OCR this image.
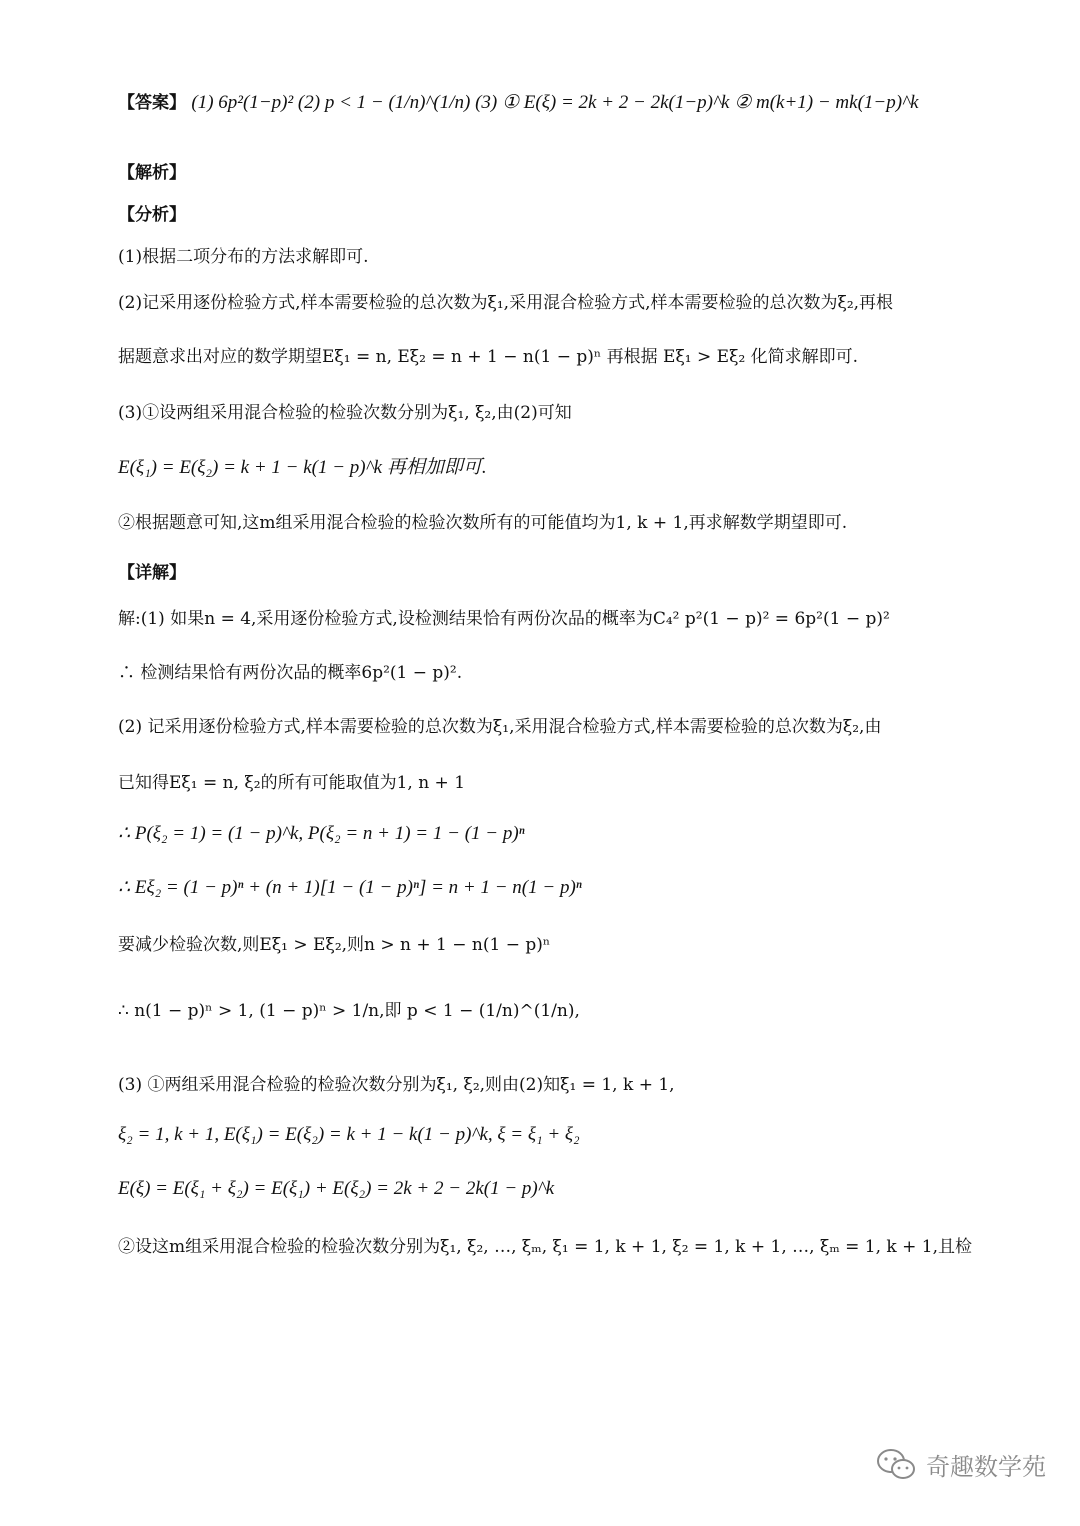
【答案】 (1) 6p²(1−p)² (2) p < 1 − (1/n)^(1/n) (3) ① E(ξ) = 2k + 2 − 2k(1−p)^k ② m(k+1) − mk(1−p)^k
【解析】
【分析】
(1)根据二项分布的方法求解即可.
(2)记采用逐份检验方式,样本需要检验的总次数为ξ₁,采用混合检验方式,样本需要检验的总次数为ξ₂,再根
据题意求出对应的数学期望Eξ₁ = n, Eξ₂ = n + 1 − n(1 − p)ⁿ 再根据 Eξ₁ > Eξ₂ 化简求解即可.
(3)①设两组采用混合检验的检验次数分别为ξ₁, ξ₂,由(2)可知
E(ξ₁) = E(ξ₂) = k + 1 − k(1 − p)^k 再相加即可.
②根据题意可知,这m组采用混合检验的检验次数所有的可能值均为1, k + 1,再求解数学期望即可.
【详解】
解:(1) 如果n = 4,采用逐份检验方式,设检测结果恰有两份次品的概率为C₄² p²(1 − p)² = 6p²(1 − p)²
∴ 检测结果恰有两份次品的概率6p²(1 − p)².
(2) 记采用逐份检验方式,样本需要检验的总次数为ξ₁,采用混合检验方式,样本需要检验的总次数为ξ₂,由
已知得Eξ₁ = n, ξ₂的所有可能取值为1, n + 1
∴ P(ξ₂ = 1) = (1 − p)^k, P(ξ₂ = n + 1) = 1 − (1 − p)ⁿ
∴ Eξ₂ = (1 − p)ⁿ + (n + 1)[1 − (1 − p)ⁿ] = n + 1 − n(1 − p)ⁿ
要减少检验次数,则Eξ₁ > Eξ₂,则n > n + 1 − n(1 − p)ⁿ
∴ n(1 − p)ⁿ > 1, (1 − p)ⁿ > 1/n,即 p < 1 − (1/n)^(1/n),
(3) ①两组采用混合检验的检验次数分别为ξ₁, ξ₂,则由(2)知ξ₁ = 1, k + 1,
ξ₂ = 1, k + 1, E(ξ₁) = E(ξ₂) = k + 1 − k(1 − p)^k, ξ = ξ₁ + ξ₂
E(ξ) = E(ξ₁ + ξ₂) = E(ξ₁) + E(ξ₂) = 2k + 2 − 2k(1 − p)^k
②设这m组采用混合检验的检验次数分别为ξ₁, ξ₂, …, ξₘ, ξ₁ = 1, k + 1, ξ₂ = 1, k + 1, …, ξₘ = 1, k + 1,且检
奇趣数学苑
